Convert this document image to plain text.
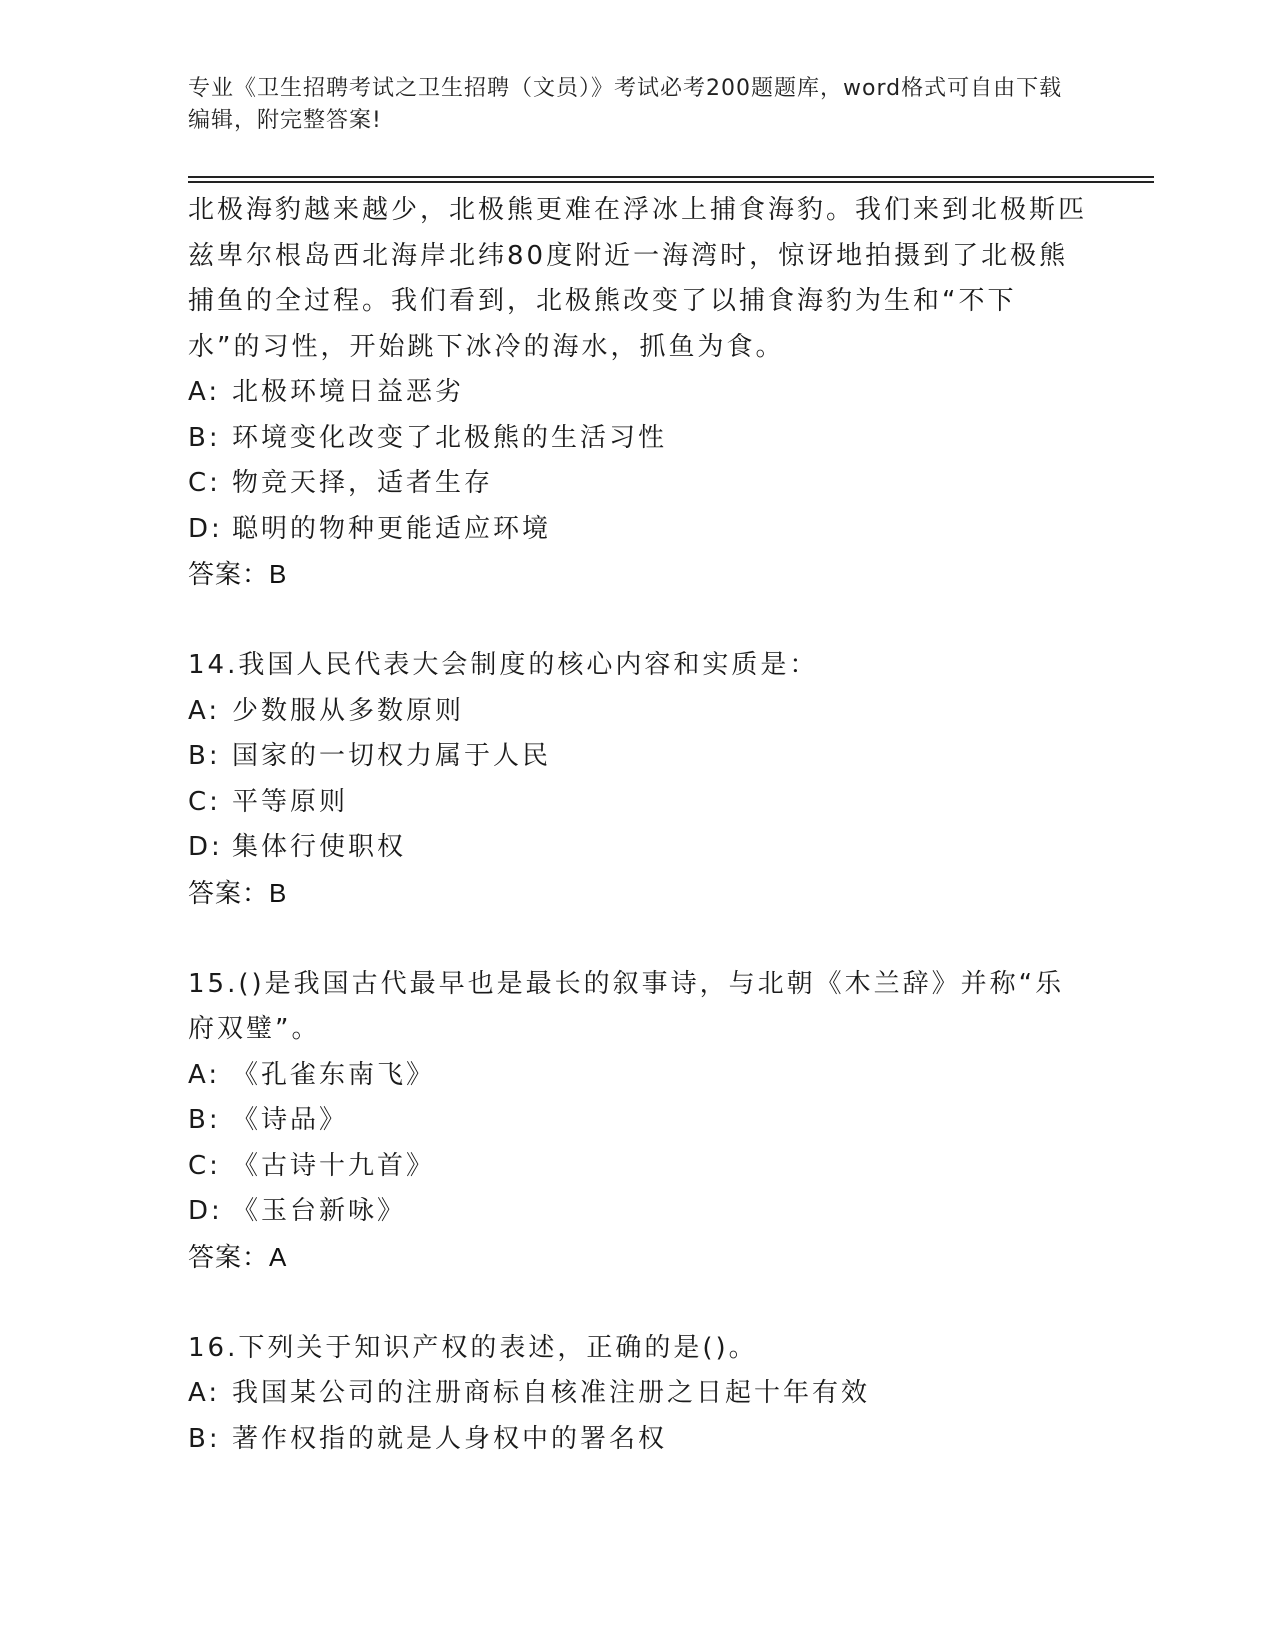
专业《卫生招聘考试之卫生招聘（文员）》考试必考200题题库，word格式可自由下载编辑，附完整答案!

北极海豹越来越少，北极熊更难在浮冰上捕食海豹。我们来到北极斯匹兹卑尔根岛西北海岸北纬80度附近一海湾时，惊讶地拍摄到了北极熊捕鱼的全过程。我们看到，北极熊改变了以捕食海豹为生和“不下水”的习性，开始跳下冰冷的海水，抓鱼为食。

A: 北极环境日益恶劣
B: 环境变化改变了北极熊的生活习性
C: 物竞天择，适者生存
D: 聪明的物种更能适应环境
答案：B

14.我国人民代表大会制度的核心内容和实质是：

A: 少数服从多数原则
B: 国家的一切权力属于人民
C: 平等原则
D: 集体行使职权
答案：B

15.()是我国古代最早也是最长的叙事诗，与北朝《木兰辞》并称“乐府双璧”。

A: 《孔雀东南飞》
B: 《诗品》
C: 《古诗十九首》
D: 《玉台新咏》
答案：A

16.下列关于知识产权的表述，正确的是()。

A: 我国某公司的注册商标自核准注册之日起十年有效
B: 著作权指的就是人身权中的署名权
